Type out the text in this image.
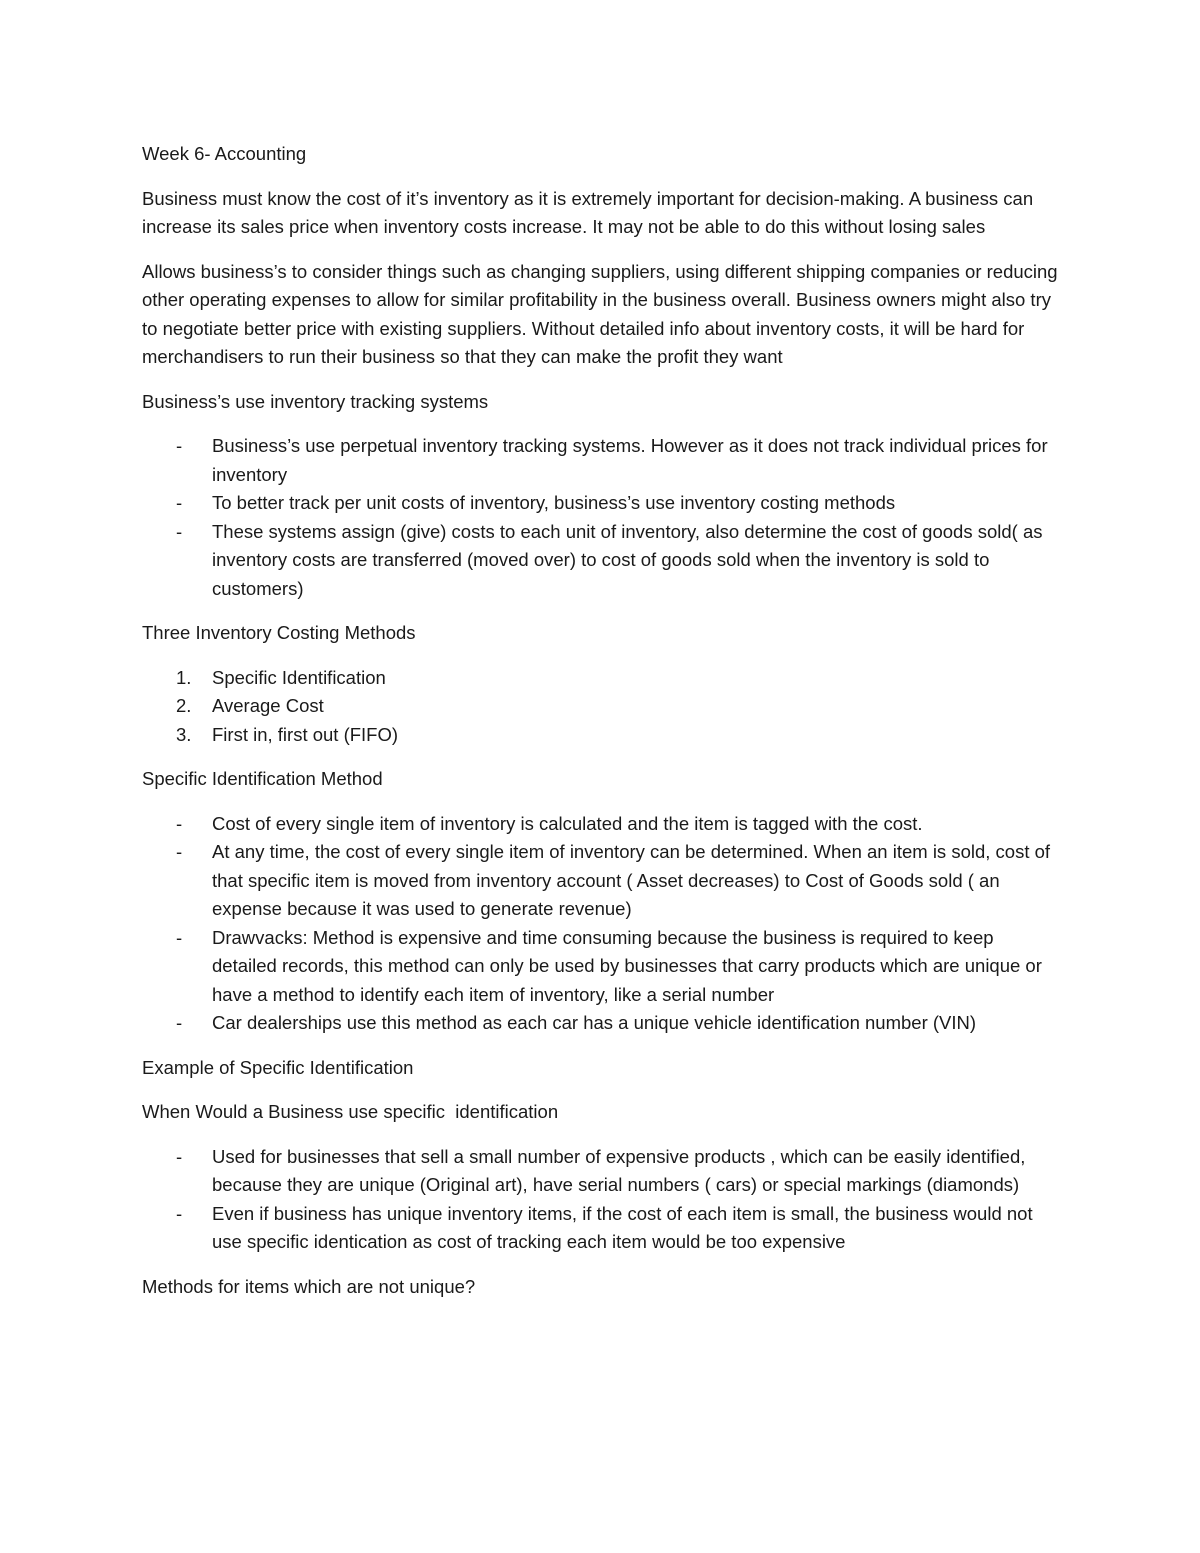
Week 6- Accounting

Business must know the cost of it’s inventory as it is extremely important for decision-making. A business can increase its sales price when inventory costs increase. It may not be able to do this without losing sales

Allows business’s to consider things such as changing suppliers, using different shipping companies or reducing other operating expenses to allow for similar profitability in the business overall. Business owners might also try to negotiate better price with existing suppliers. Without detailed info about inventory costs, it will be hard for merchandisers to run their business so that they can make the profit they want

Business’s use inventory tracking systems

- Business’s use perpetual inventory tracking systems. However as it does not track individual prices for inventory
- To better track per unit costs of inventory, business’s use inventory costing methods
- These systems assign (give) costs to each unit of inventory, also determine the cost of goods sold( as inventory costs are transferred (moved over) to cost of goods sold when the inventory is sold to customers)

Three Inventory Costing Methods

1. Specific Identification
2. Average Cost
3. First in, first out (FIFO)

Specific Identification Method

- Cost of every single item of inventory is calculated and the item is tagged with the cost.
- At any time, the cost of every single item of inventory can be determined. When an item is sold, cost of that specific item is moved from inventory account ( Asset decreases) to Cost of Goods sold ( an expense because it was used to generate revenue)
- Drawvacks: Method is expensive and time consuming because the business is required to keep detailed records, this method can only be used by businesses that carry products which are unique or have a method to identify each item of inventory, like a serial number
- Car dealerships use this method as each car has a unique vehicle identification number (VIN)

Example of Specific Identification

When Would a Business use specific  identification

- Used for businesses that sell a small number of expensive products , which can be easily identified, because they are unique (Original art), have serial numbers ( cars) or special markings (diamonds)
- Even if business has unique inventory items, if the cost of each item is small, the business would not use specific identication as cost of tracking each item would be too expensive

Methods for items which are not unique?
